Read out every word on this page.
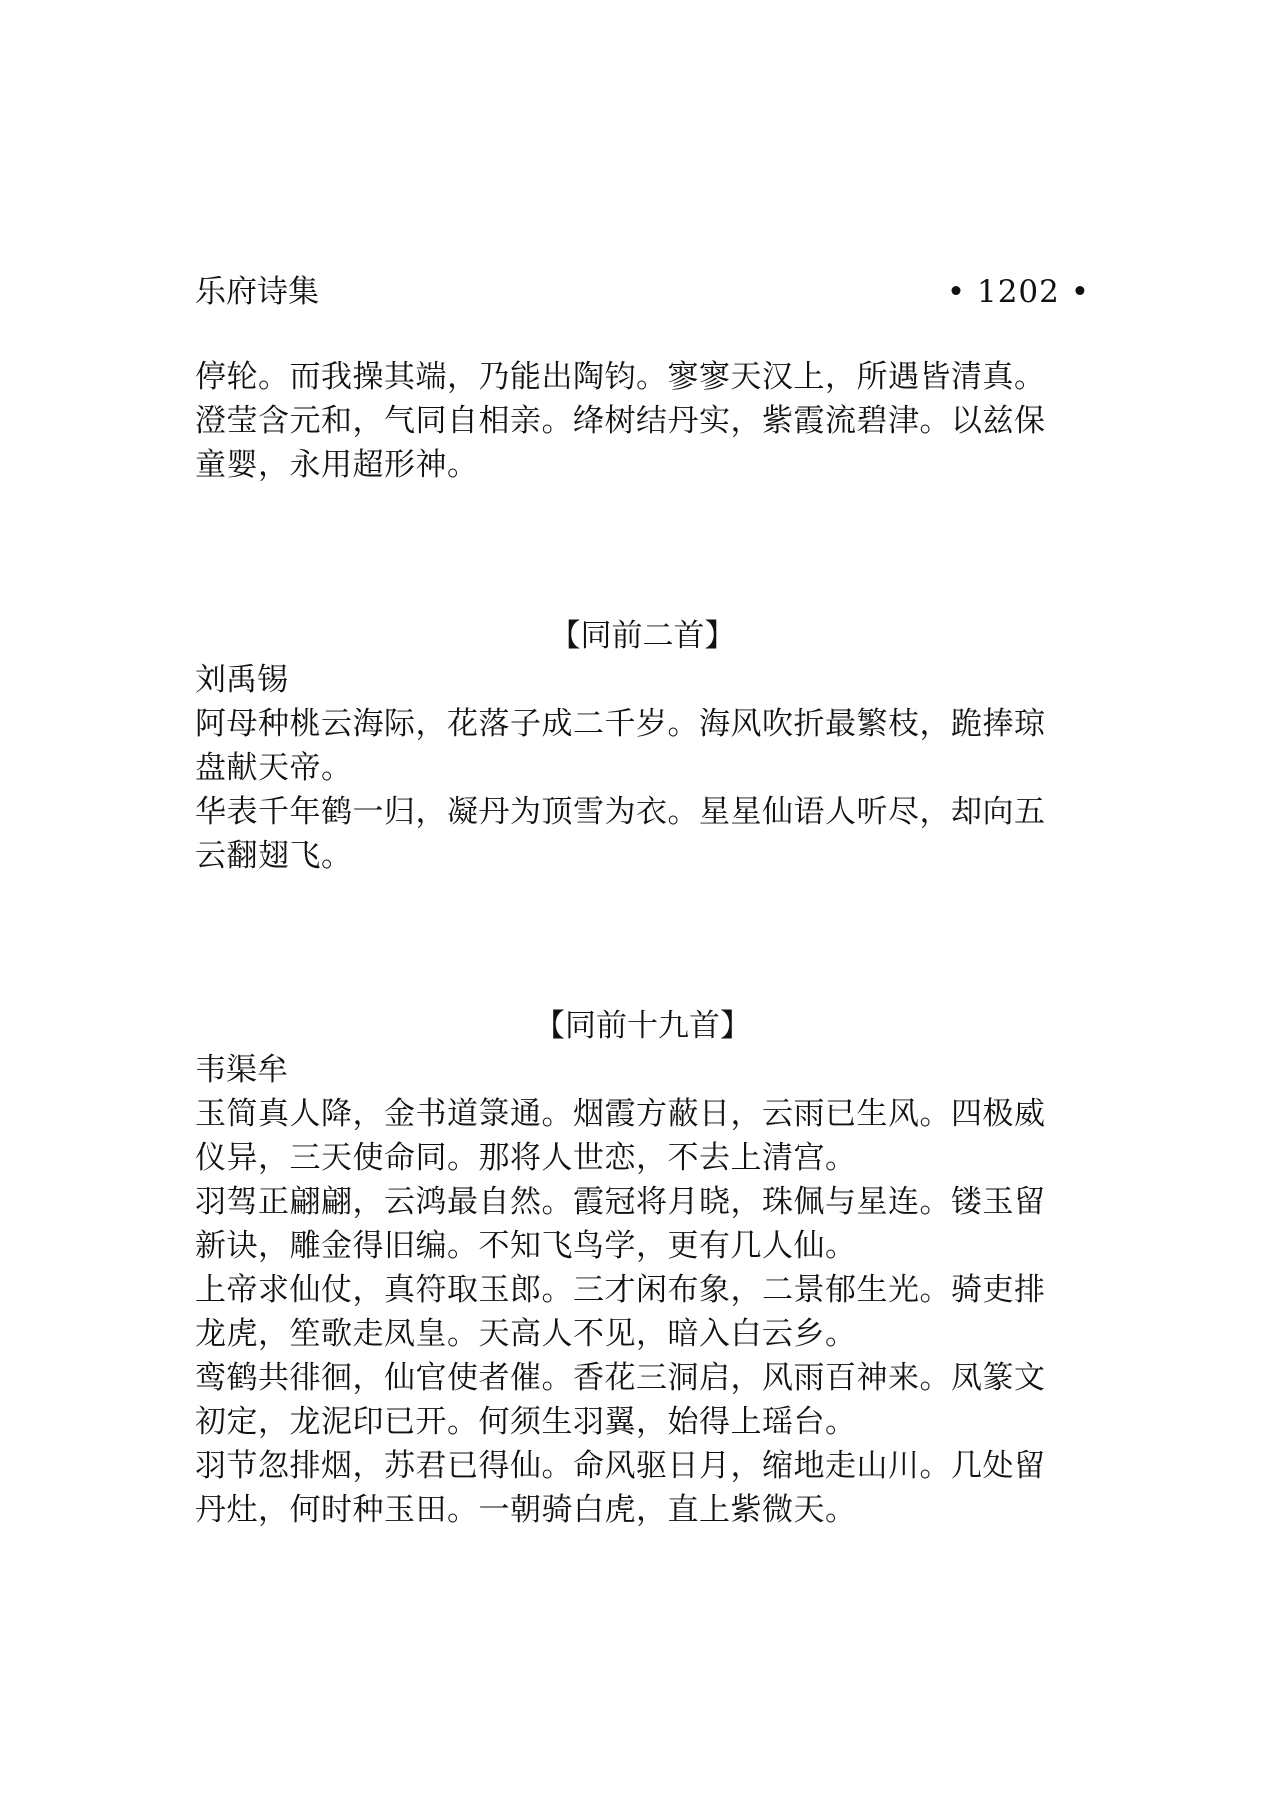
乐府诗集	• 1202 •

停轮。而我操其端，乃能出陶钧。寥寥天汉上，所遇皆清真。

澄莹含元和，气同自相亲。绛树结丹实，紫霞流碧津。以兹保

童婴，永用超形神。

【同前二首】

刘禹锡

阿母种桃云海际，花落子成二千岁。海风吹折最繁枝，跪捧琼

盘献天帝。

华表千年鹤一归，凝丹为顶雪为衣。星星仙语人听尽，却向五

云翻翅飞。

【同前十九首】

韦渠牟

玉简真人降，金书道箓通。烟霞方蔽日，云雨已生风。四极威

仪异，三天使命同。那将人世恋，不去上清宫。

羽驾正翩翩，云鸿最自然。霞冠将月晓，珠佩与星连。镂玉留

新诀，雕金得旧编。不知飞鸟学，更有几人仙。

上帝求仙仗，真符取玉郎。三才闲布象，二景郁生光。骑吏排

龙虎，笙歌走凤皇。天高人不见，暗入白云乡。

鸾鹤共徘徊，仙官使者催。香花三洞启，风雨百神来。凤篆文

初定，龙泥印已开。何须生羽翼，始得上瑶台。

羽节忽排烟，苏君已得仙。命风驱日月，缩地走山川。几处留

丹灶，何时种玉田。一朝骑白虎，直上紫微天。
